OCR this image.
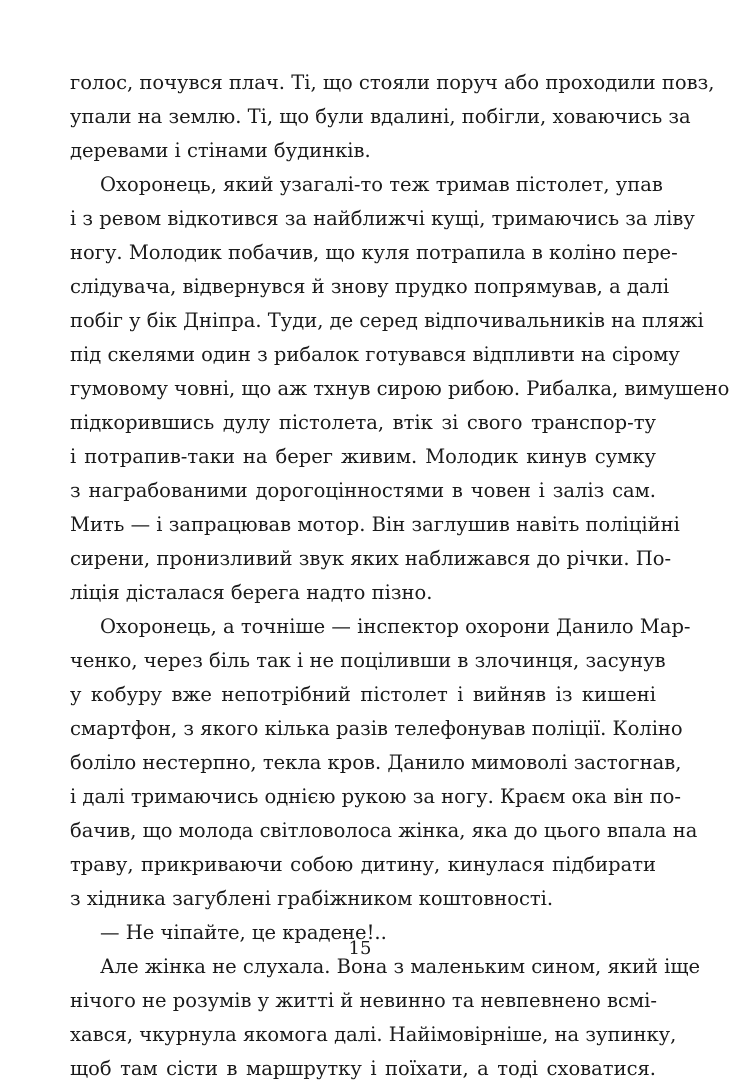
голос, почувся плач. Ті, що стояли поруч або проходили повз,
упали на землю. Ті, що були вдалині, побігли, ховаючись за
деревами і стінами будинків.
Охоронець, який узагалі-то теж тримав пістолет, упав
і з ревом відкотився за найближчі кущі, тримаючись за ліву
ногу. Молодик побачив, що куля потрапила в коліно пере-
слідувача, відвернувся й знову прудко попрямував, а далі
побіг у бік Дніпра. Туди, де серед відпочивальників на пляжі
під скелями один з рибалок готувався відпливти на сірому
гумовому човні, що аж тхнув сирою рибою. Рибалка, вимушено
підкорившись дулу пістолета, втік зі свого транспор-ту
і потрапив-таки на берег живим. Молодик кинув сумку
з награбованими дорогоцінностями в човен і заліз сам.
Мить — і запрацював мотор. Він заглушив навіть поліційні
сирени, пронизливий звук яких наближався до річки. По-
ліція дісталася берега надто пізно.
Охоронець, а точніше — інспектор охорони Данило Мар-
ченко, через біль так і не поціливши в злочинця, засунув
у кобуру вже непотрібний пістолет і вийняв із кишені
смартфон, з якого кілька разів телефонував поліції. Коліно
боліло нестерпно, текла кров. Данило мимоволі застогнав,
і далі тримаючись однією рукою за ногу. Краєм ока він по-
бачив, що молода світловолоса жінка, яка до цього впала на
траву, прикриваючи собою дитину, кинулася підбирати
з хідника загублені грабіжником коштовності.
— Не чіпайте, це крадене!..
Але жінка не слухала. Вона з маленьким сином, який іще
нічого не розумів у житті й невинно та невпевнено всмі-
хався, чкурнула якомога далі. Найімовірніше, на зупинку,
щоб там сісти в маршрутку і поїхати, а тоді сховатися.
15
